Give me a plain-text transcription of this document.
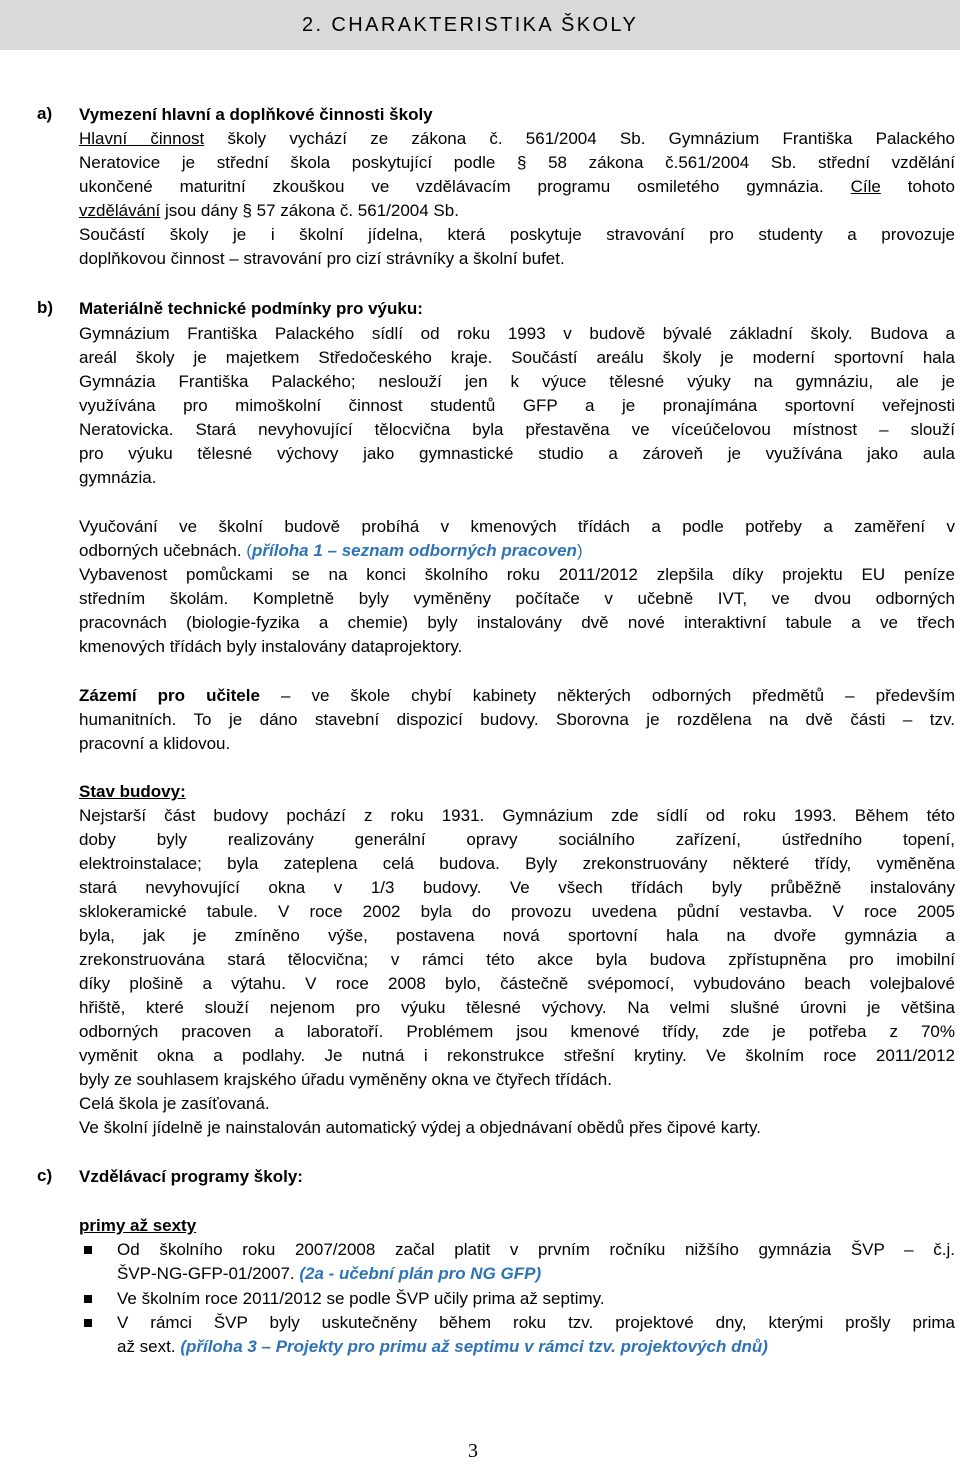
2. CHARAKTERISTIKA ŠKOLY
a) Vymezení hlavní a doplňkové činnosti školy
Hlavní činnost školy vychází ze zákona č. 561/2004 Sb. Gymnázium Františka Palackého
Neratovice je střední škola poskytující podle § 58 zákona č.561/2004 Sb. střední vzdělání
ukončené maturitní zkouškou ve vzdělávacím programu osmiletého gymnázia. Cíle tohoto
vzdělávání jsou dány § 57 zákona č. 561/2004 Sb.
Součástí školy je i školní jídelna, která poskytuje stravování pro studenty a provozuje
doplňkovou činnost – stravování pro cizí strávníky a školní bufet.
b) Materiálně technické podmínky pro výuku:
Gymnázium Františka Palackého sídlí od roku 1993 v budově bývalé základní školy. Budova a
areál školy je majetkem Středočeského kraje. Součástí areálu školy je moderní sportovní hala
Gymnázia Františka Palackého; neslouží jen k výuce tělesné výuky na gymnáziu, ale je
využívána pro mimoškolní činnost studentů GFP a je pronajímána sportovní veřejnosti
Neratovicka. Stará nevyhovující tělocvična byla přestavěna ve víceúčelovou místnost – slouží
pro výuku tělesné výchovy jako gymnastické studio a zároveň je využívána jako aula
gymnázia.
Vyučování ve školní budově probíhá v kmenových třídách a podle potřeby a zaměření v
odborných učebnách. (příloha 1 – seznam odborných pracoven)
Vybavenost pomůckami se na konci školního roku 2011/2012 zlepšila díky projektu EU peníze
středním školám. Kompletně byly vyměněny počítače v učebně IVT, ve dvou odborných
pracovnách (biologie-fyzika a chemie) byly instalovány dvě nové interaktivní tabule a ve třech
kmenových třídách byly instalovány dataprojektory.
Zázemí pro učitele – ve škole chybí kabinety některých odborných předmětů – především
humanitních. To je dáno stavební dispozicí budovy. Sborovna je rozdělena na dvě části – tzv.
pracovní a klidovou.
Stav budovy:
Nejstarší část budovy pochází z roku 1931. Gymnázium zde sídlí od roku 1993. Během této
doby byly realizovány generální opravy sociálního zařízení, ústředního topení,
elektroinstalace; byla zateplena celá budova. Byly zrekonstruovány některé třídy, vyměněna
stará nevyhovující okna v 1/3 budovy. Ve všech třídách byly průběžně instalovány
sklokeramické tabule. V roce 2002 byla do provozu uvedena půdní vestavba. V roce 2005
byla, jak je zmíněno výše, postavena nová sportovní hala na dvoře gymnázia a
zrekonstruována stará tělocvična; v rámci této akce byla budova zpřístupněna pro imobilní
díky plošině a výtahu. V roce 2008 bylo, částečně svépomocí, vybudováno beach volejbalové
hřiště, které slouží nejenom pro výuku tělesné výchovy. Na velmi slušné úrovni je většina
odborných pracoven a laboratoří. Problémem jsou kmenové třídy, zde je potřeba z 70%
vyměnit okna a podlahy. Je nutná i rekonstrukce střešní krytiny. Ve školním roce 2011/2012
byly ze souhlasem krajského úřadu vyměněny okna ve čtyřech třídách.
Celá škola je zasíťovaná.
Ve školní jídelně je nainstalován automatický výdej a objednávaní obědů přes čipové karty.
c) Vzdělávací programy školy:
primy až sexty
Od školního roku 2007/2008 začal platit v prvním ročníku nižšího gymnázia ŠVP – č.j.
ŠVP-NG-GFP-01/2007. (2a - učební plán pro NG GFP)
Ve školním roce 2011/2012 se podle ŠVP učily prima až septimy.
V rámci ŠVP byly uskutečněny během roku tzv. projektové dny, kterými prošly prima
až sext. (příloha 3 – Projekty pro primu až septimu v rámci tzv. projektových dnů)
3
